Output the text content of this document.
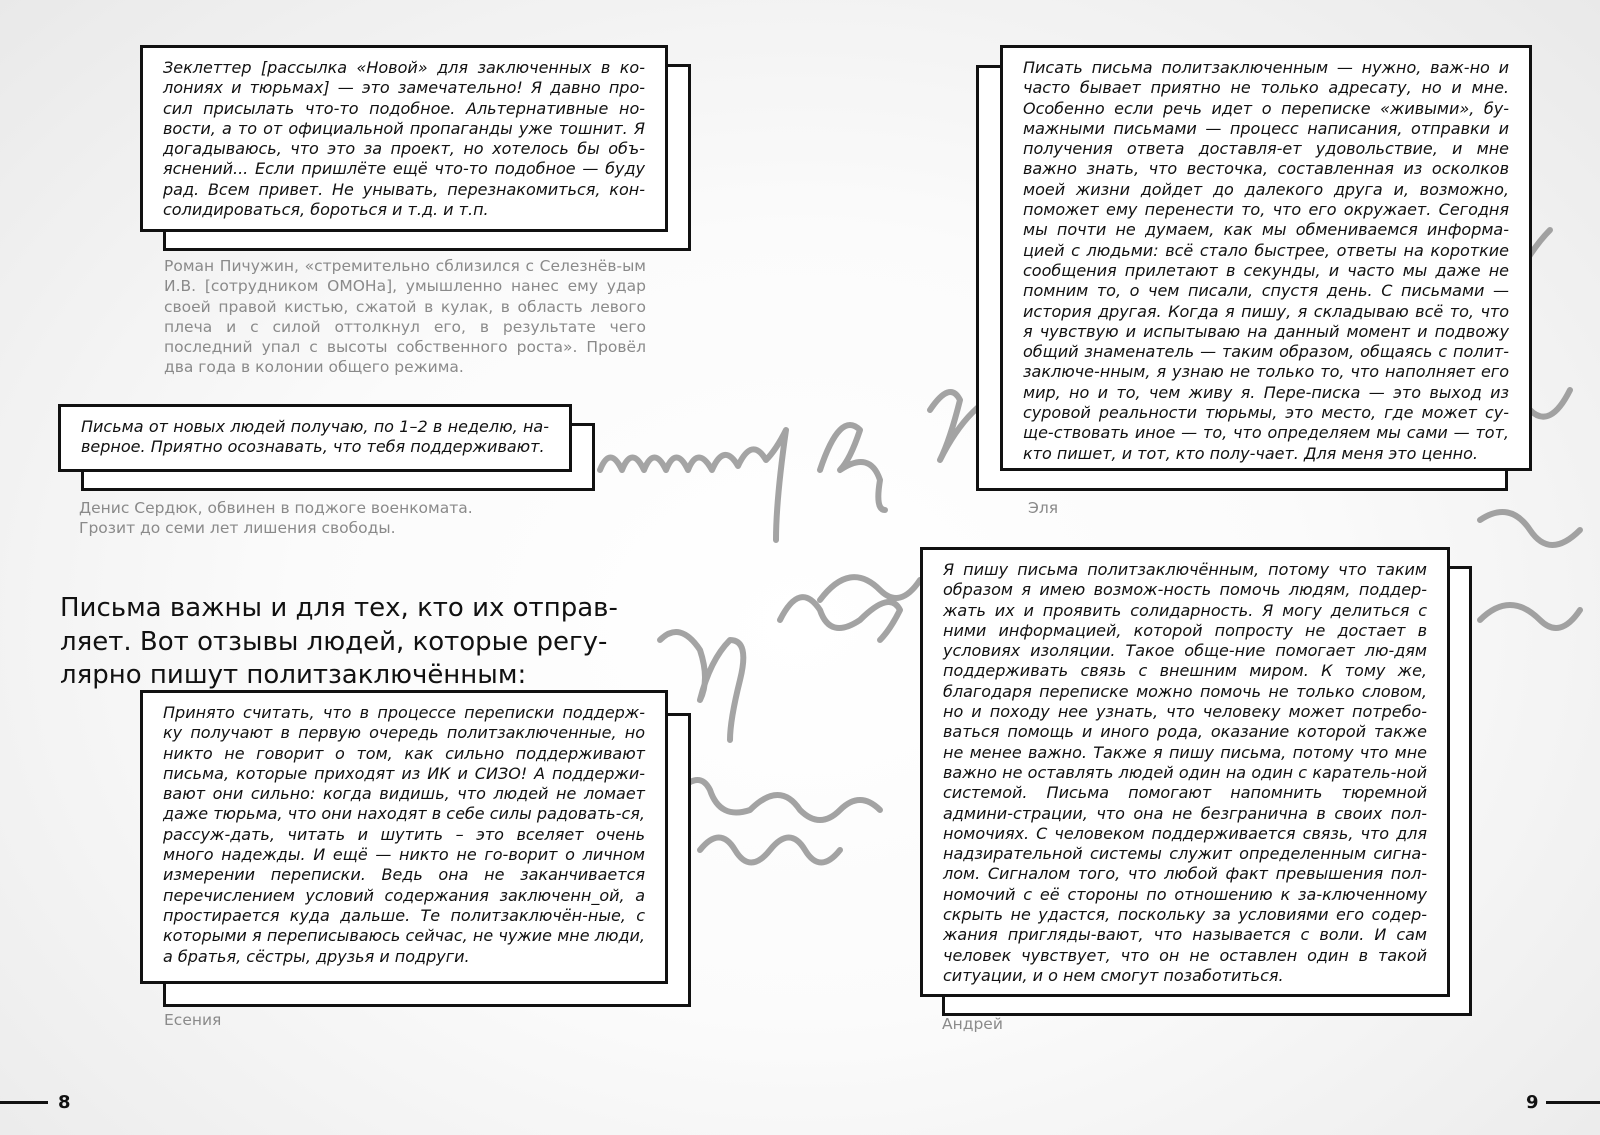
Зеклеттер [рассылка «Новой» для заключенных в ко-лониях и тюрьмах] — это замечательно! Я давно про-сил присылать что-то подобное. Альтернативные но-вости, а то от официальной пропаганды уже тошнит. Я догадываюсь, что это за проект, но хотелось бы объ-яснений... Если пришлёте ещё что-то подобное — буду рад. Всем привет. Не унывать, перезнакомиться, кон-солидироваться, бороться и т.д. и т.п.

Роман Пичужин, «стремительно сблизился с Селезнёв-ым И.В. [сотрудником ОМОНа], умышленно нанес ему удар своей правой кистью, сжатой в кулак, в область левого плеча и с силой оттолкнул его, в результате чего последний упал с высоты собственного роста». Провёл два года в колонии общего режима.

Письма от новых людей получаю, по 1–2 в неделю, на-верное. Приятно осознавать, что тебя поддерживают.

Денис Сердюк, обвинен в поджоге военкомата. Грозит до семи лет лишения свободы.

Письма важны и для тех, кто их отправ-ляет. Вот отзывы людей, которые регу-лярно пишут политзаключённым:

Принято считать, что в процессе переписки поддерж-ку получают в первую очередь политзаключенные, но никто не говорит о том, как сильно поддерживают письма, которые приходят из ИК и СИЗО! А поддержи-вают они сильно: когда видишь, что людей не ломает даже тюрьма, что они находят в себе силы радовать-ся, рассуж-дать, читать и шутить – это вселяет очень много надежды. И ещё — никто не го-ворит о личном измерении переписки. Ведь она не заканчивается перечислением условий содержания заключенн_ой, а простирается куда дальше. Те политзаключён-ные, с которыми я переписываюсь сейчас, не чужие мне люди, а братья, сёстры, друзья и подруги.

Есения

Писать письма политзаключенным — нужно, важ-но и часто бывает приятно не только адресату, но и мне. Особенно если речь идет о переписке «живыми», бу-мажными письмами — процесс написания, отправки и получения ответа доставля-ет удовольствие, и мне важно знать, что весточка, составленная из осколков моей жизни дойдет до далекого друга и, возможно, поможет ему перенести то, что его окружает. Сегодня мы почти не думаем, как мы обмениваемся информа-цией с людьми: всё стало быстрее, ответы на короткие сообщения прилетают в секунды, и часто мы даже не помним то, о чем писали, спустя день. С письмами — история другая. Когда я пишу, я складываю всё то, что я чувствую и испытываю на данный момент и подвожу общий знаменатель — таким образом, общаясь с полит-заключе-нным, я узнаю не только то, что наполняет его мир, но и то, чем живу я. Пере-писка — это выход из суровой реальности тюрьмы, это место, где может су-ще-ствовать иное — то, что определяем мы сами — тот, кто пишет, и тот, кто полу-чает. Для меня это ценно.

Эля

Я пишу письма политзаключённым, потому что таким образом я имею возмож-ность помочь людям, поддер-жать их и проявить солидарность. Я могу делиться с ними информацией, которой попросту не достает в условиях изоляции. Такое обще-ние помогает лю-дям поддерживать связь с внешним миром. К тому же, благодаря переписке можно помочь не только словом, но и походу нее узнать, что человеку может потребо-ваться помощь и иного рода, оказание которой также не менее важно. Также я пишу письма, потому что мне важно не оставлять людей один на один с каратель-ной системой. Письма помогают напомнить тюремной админи-страции, что она не безгранична в своих пол-номочиях. С человеком поддерживается связь, что для надзирательной системы служит определенным сигна-лом. Сигналом того, что любой факт превышения пол-номочий с её стороны по отношению к за-ключенному скрыть не удастся, поскольку за условиями его содер-жания пригляды-вают, что называется с воли. И сам человек чувствует, что он не оставлен один в такой ситуации, и о нем смогут позаботиться.

Андрей

8	9
